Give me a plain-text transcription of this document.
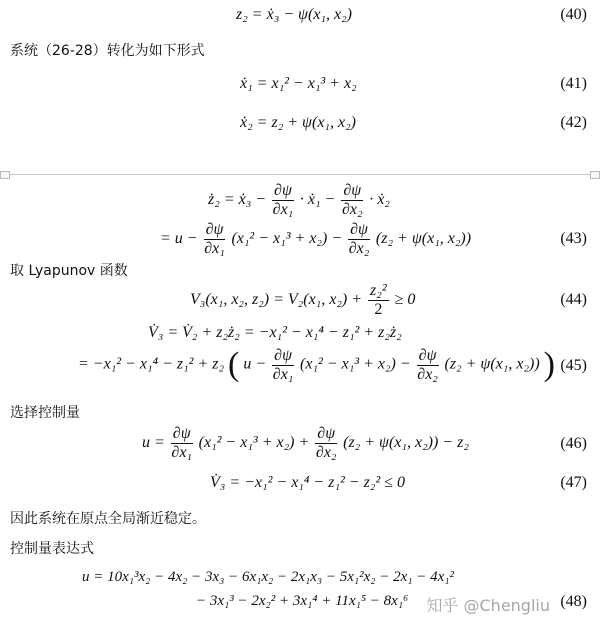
z₂ = ẋ₃ − ψ(x₁, x₂)	(40)
系统（26-28）转化为如下形式
ẋ₁ = x₁² − x₁³ + x₂	(41)
ẋ₂ = z₂ + ψ(x₁, x₂)	(42)
ż₂ = ẋ₃ − $\frac{\partial\psi}{\text{∂x₁}}$ · ẋ₁ − $\frac{\partial\psi}{\text{∂x₂}}$ · ẋ₂
= $u - \frac{\partial\psi}{\text{∂x₁}} (x_1^2 - x_1^3 + x_2) - \frac{\partial\psi}{\text{∂x₂}} (z_2 + \psi(x_1$, x₂))	(43)
取 Lyapunov 函数
V₃(x₁, x₂, z₂) = V₂(x₁, $x_2) + \frac{\text{z₂²}}{2} \ge 0$	(44)
V̇₃ = V̇₂ + z₂ż₂ = −x₁² − x₁⁴ − z₁² + z₂ż₂
= −x₁² − x₁⁴ − z₁² + z₂ ( $u - \frac{\partial\psi}{\text{∂x₁}} (x_1^2 - x_1^3 + x_2) - \frac{\partial\psi}{\text{∂x₂}} (z_2 + \psi(x_1$, x₂)) ) (45)
选择控制量
$u = \frac{\partial\psi}{\text{∂x₁}} (x_1^2 - x_1^3 + x_2) + \frac{\partial\psi}{\text{∂x₂}} (z_2 + \psi(x_1$, x₂)) − z₂	(46)
V̇₃ = −x₁² − x₁⁴ − z₁² − z₂² ≤ 0	(47)
因此系统在原点全局渐近稳定。
控制量表达式
u = 10x₁³x₂ − 4x₂ − 3x₃ − 6x₁x₂ − 2x₁x₃ − 5x₁²x₂ − 2x₁ − 4x₁²
− 3x₁³ − 2x₂² + 3x₁⁴ + 11x₁⁵ − 8x₁⁶ 知乎 @Chengliu (48)
